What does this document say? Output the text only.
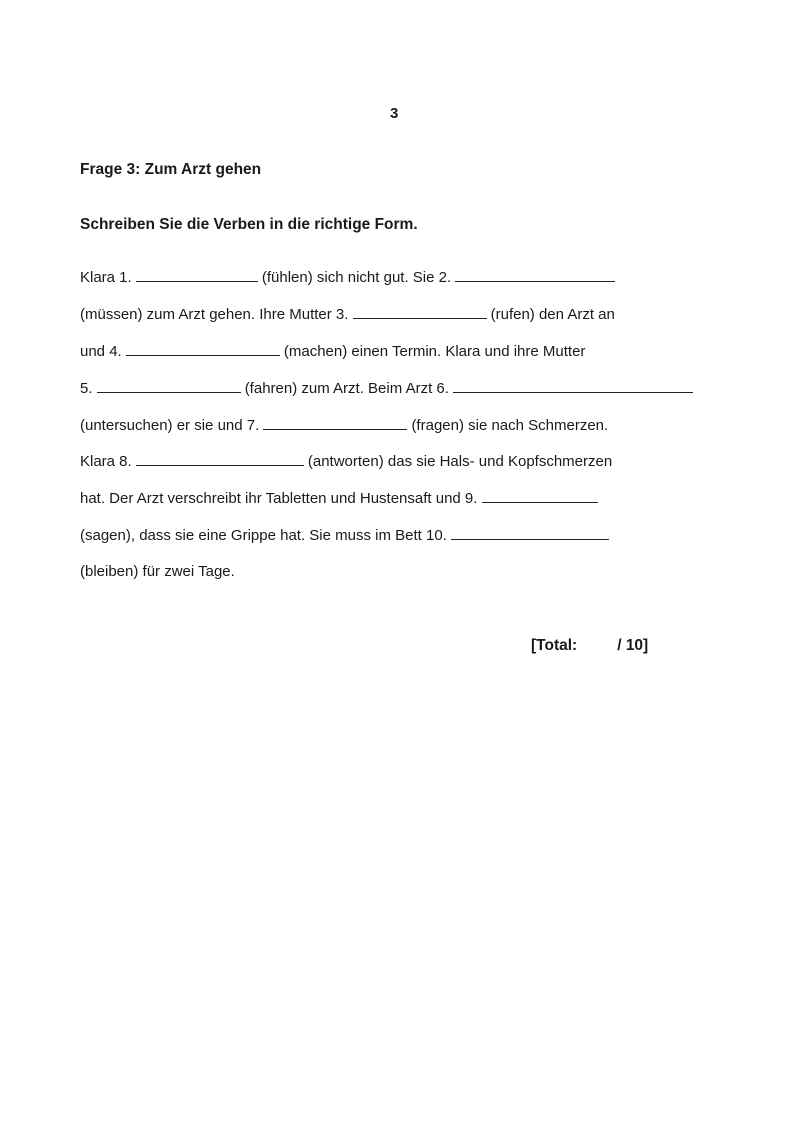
3
Frage 3: Zum Arzt gehen
Schreiben Sie die Verben in die richtige Form.
Klara 1.	(fühlen) sich nicht gut. Sie 2.
(müssen) zum Arzt gehen. Ihre Mutter 3.	(rufen) den Arzt an
und 4.	(machen) einen Termin. Klara und ihre Mutter
5.	(fahren) zum Arzt. Beim Arzt 6.
(untersuchen) er sie und 7.	(fragen) sie nach Schmerzen.
Klara 8.	(antworten) das sie Hals- und Kopfschmerzen
hat. Der Arzt verschreibt ihr Tabletten und Hustensaft und 9.
(sagen), dass sie eine Grippe hat. Sie muss im Bett 10.
(bleiben) für zwei Tage.
[Total:	/ 10]
